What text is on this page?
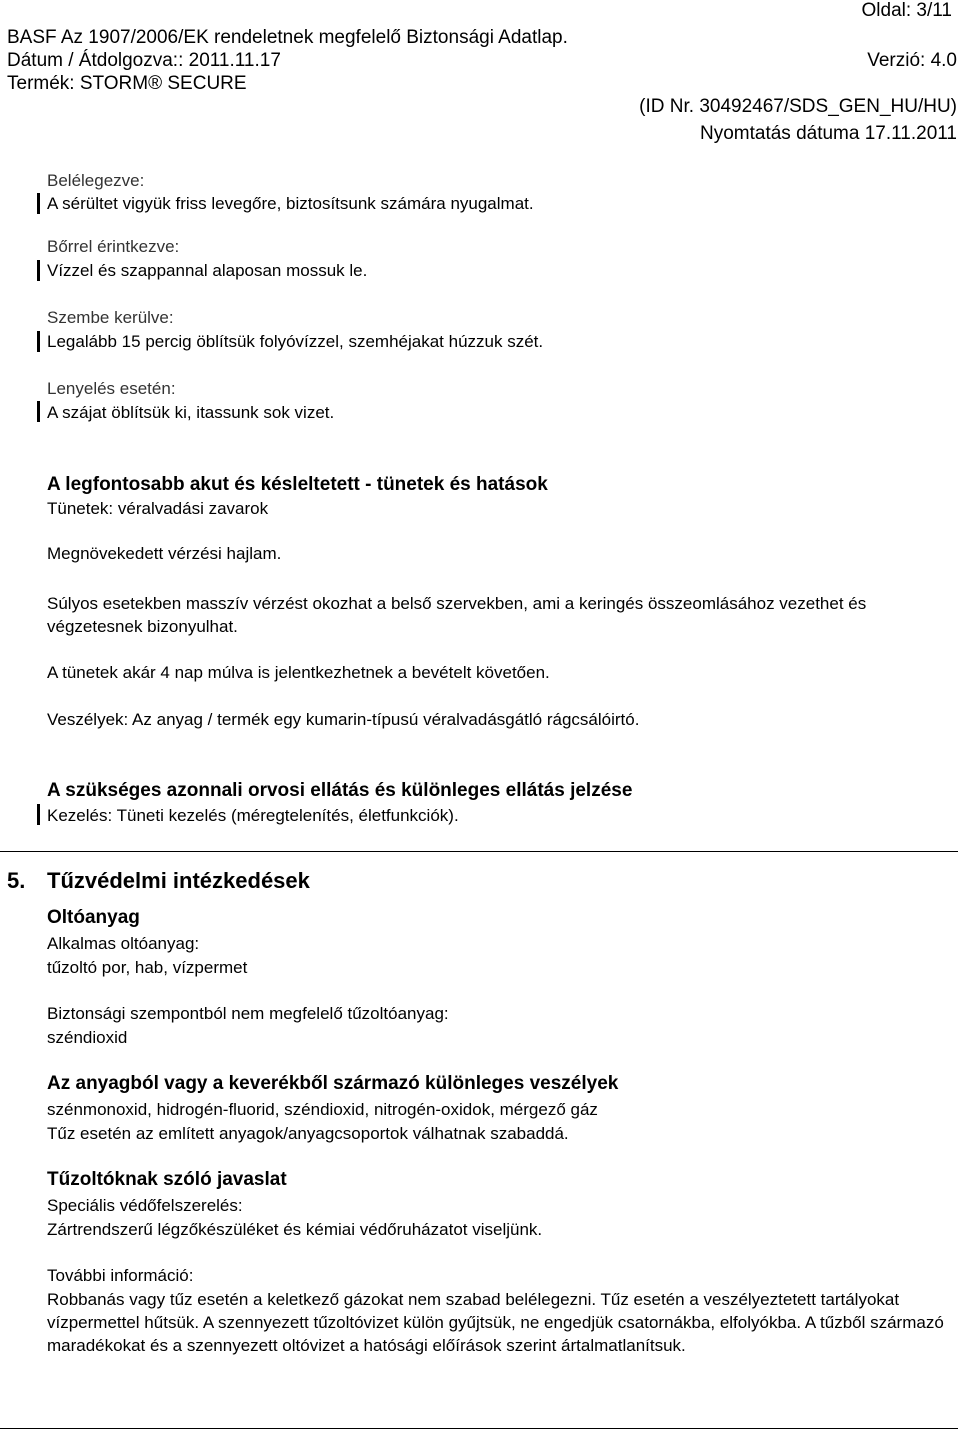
Oldal: 3/11
BASF Az 1907/2006/EK rendeletnek megfelelő Biztonsági Adatlap.
Dátum / Átdolgozva:: 2011.11.17	Verzió: 4.0
Termék: STORM® SECURE
(ID Nr. 30492467/SDS_GEN_HU/HU)
Nyomtatás dátuma 17.11.2011
Belélegezve:
A sérültet vigyük friss levegőre, biztosítsunk számára nyugalmat.
Bőrrel érintkezve:
Vízzel és szappannal alaposan mossuk le.
Szembe kerülve:
Legalább 15 percig öblítsük folyóvízzel, szemhéjakat húzzuk szét.
Lenyelés esetén:
A szájat öblítsük ki, itassunk sok vizet.
A legfontosabb akut és késleltetett - tünetek és hatások
Tünetek: véralvadási zavarok
Megnövekedett vérzési hajlam.
Súlyos esetekben masszív vérzést okozhat a belső szervekben, ami a keringés összeomlásához vezethet és végzetesnek bizonyulhat.
A tünetek akár 4 nap múlva is jelentkezhetnek a bevételt követően.
Veszélyek: Az anyag / termék egy kumarin-típusú véralvadásgátló rágcsálóirtó.
A szükséges azonnali orvosi ellátás és különleges ellátás jelzése
Kezelés: Tüneti kezelés (méregtelenítés, életfunkciók).
5. Tűzvédelmi intézkedések
Oltóanyag
Alkalmas oltóanyag:
tűzoltó por, hab, vízpermet
Biztonsági szempontból nem megfelelő tűzoltóanyag:
széndioxid
Az anyagból vagy a keverékből származó különleges veszélyek
szénmonoxid, hidrogén-fluorid, széndioxid, nitrogén-oxidok, mérgező gáz
Tűz esetén az említett anyagok/anyagcsoportok válhatnak szabaddá.
Tűzoltóknak szóló javaslat
Speciális védőfelszerelés:
Zártrendszerű légzőkészüléket és kémiai védőruházatot viseljünk.
További információ:
Robbanás vagy tűz esetén a keletkező gázokat nem szabad belélegezni. Tűz esetén a veszélyeztetett tartályokat vízpermettel hűtsük. A szennyezett tűzoltóvizet külön gyűjtsük, ne engedjük csatornákba, elfolyókba. A tűzből származó maradékokat és a szennyezett oltóvizet a hatósági előírások szerint ártalmatlanítsuk.
